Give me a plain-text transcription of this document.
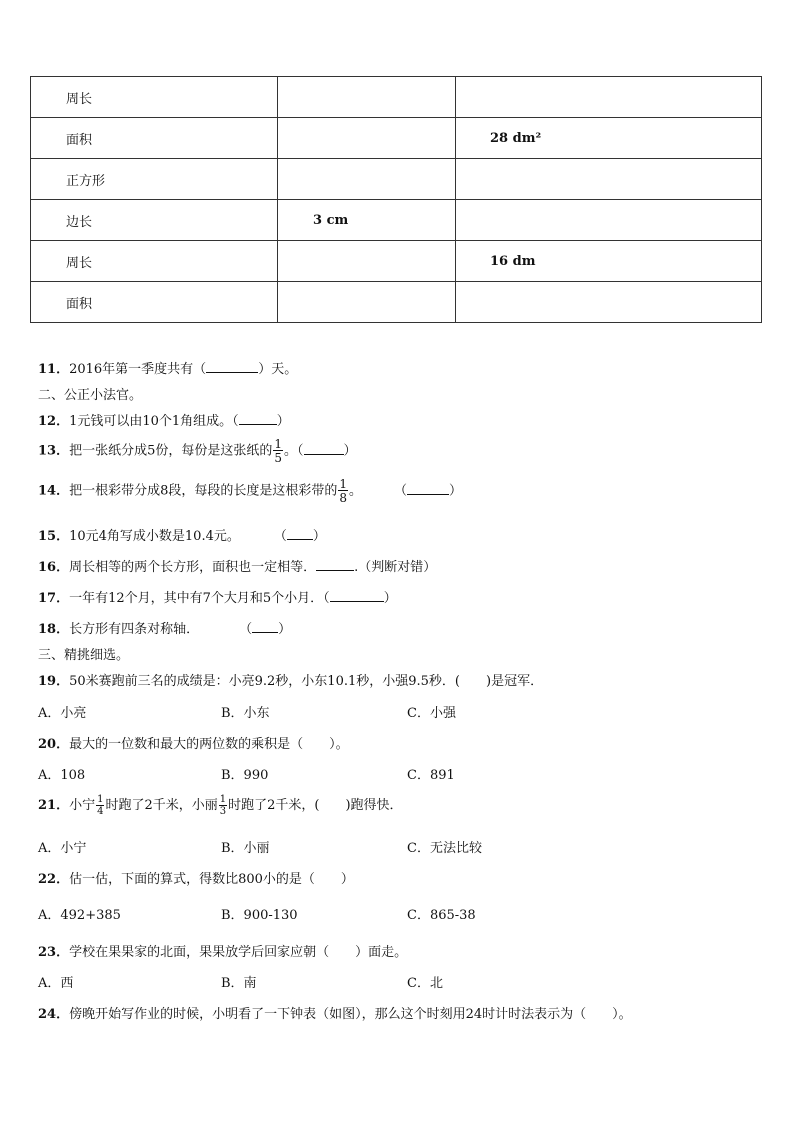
周长		
面积		28 dm²
正方形		
边长	3 cm	
周长		16 dm
面积		
11．2016年第一季度共有（	）天。
二、公正小法官。
12．1元钱可以由10个1角组成。（	）
13．把一张纸分成5份，每份是这张纸的 $\frac{1}{5}$ 。（	）
14．把一根彩带分成8段，每段的长度是这根彩带的 $\frac{1}{8}$ 。 （	）
15．10元4角写成小数是10.4元。	（ ）
16．周长相等的两个长方形，面积也一定相等．	.（判断对错）
17．一年有12个月，其中有7个大月和5个小月．（	）
18．长方形有四条对称轴．	（ ）
三、精挑细选。
19．50米赛跑前三名的成绩是：小亮9.2秒，小东10.1秒，小强9.5秒．(　　)是冠军．
A．小亮	B．小东	C．小强
20．最大的一位数和最大的两位数的乘积是（　　）。
A．108	B．990	C．891
21．小宁 $\frac{1}{4}$ 时跑了2千米，小丽 $\frac{1}{3}$ 时跑了2千米，(　　)跑得快．
A．小宁	B．小丽	C．无法比较
22．估一估，下面的算式，得数比800小的是（　　）
A．492+385	B．900-130	C．865-38
23．学校在果果家的北面，果果放学后回家应朝（　　）面走。
A．西	B．南	C．北
24．傍晚开始写作业的时候，小明看了一下钟表（如图），那么这个时刻用24时计时法表示为（　　）。
